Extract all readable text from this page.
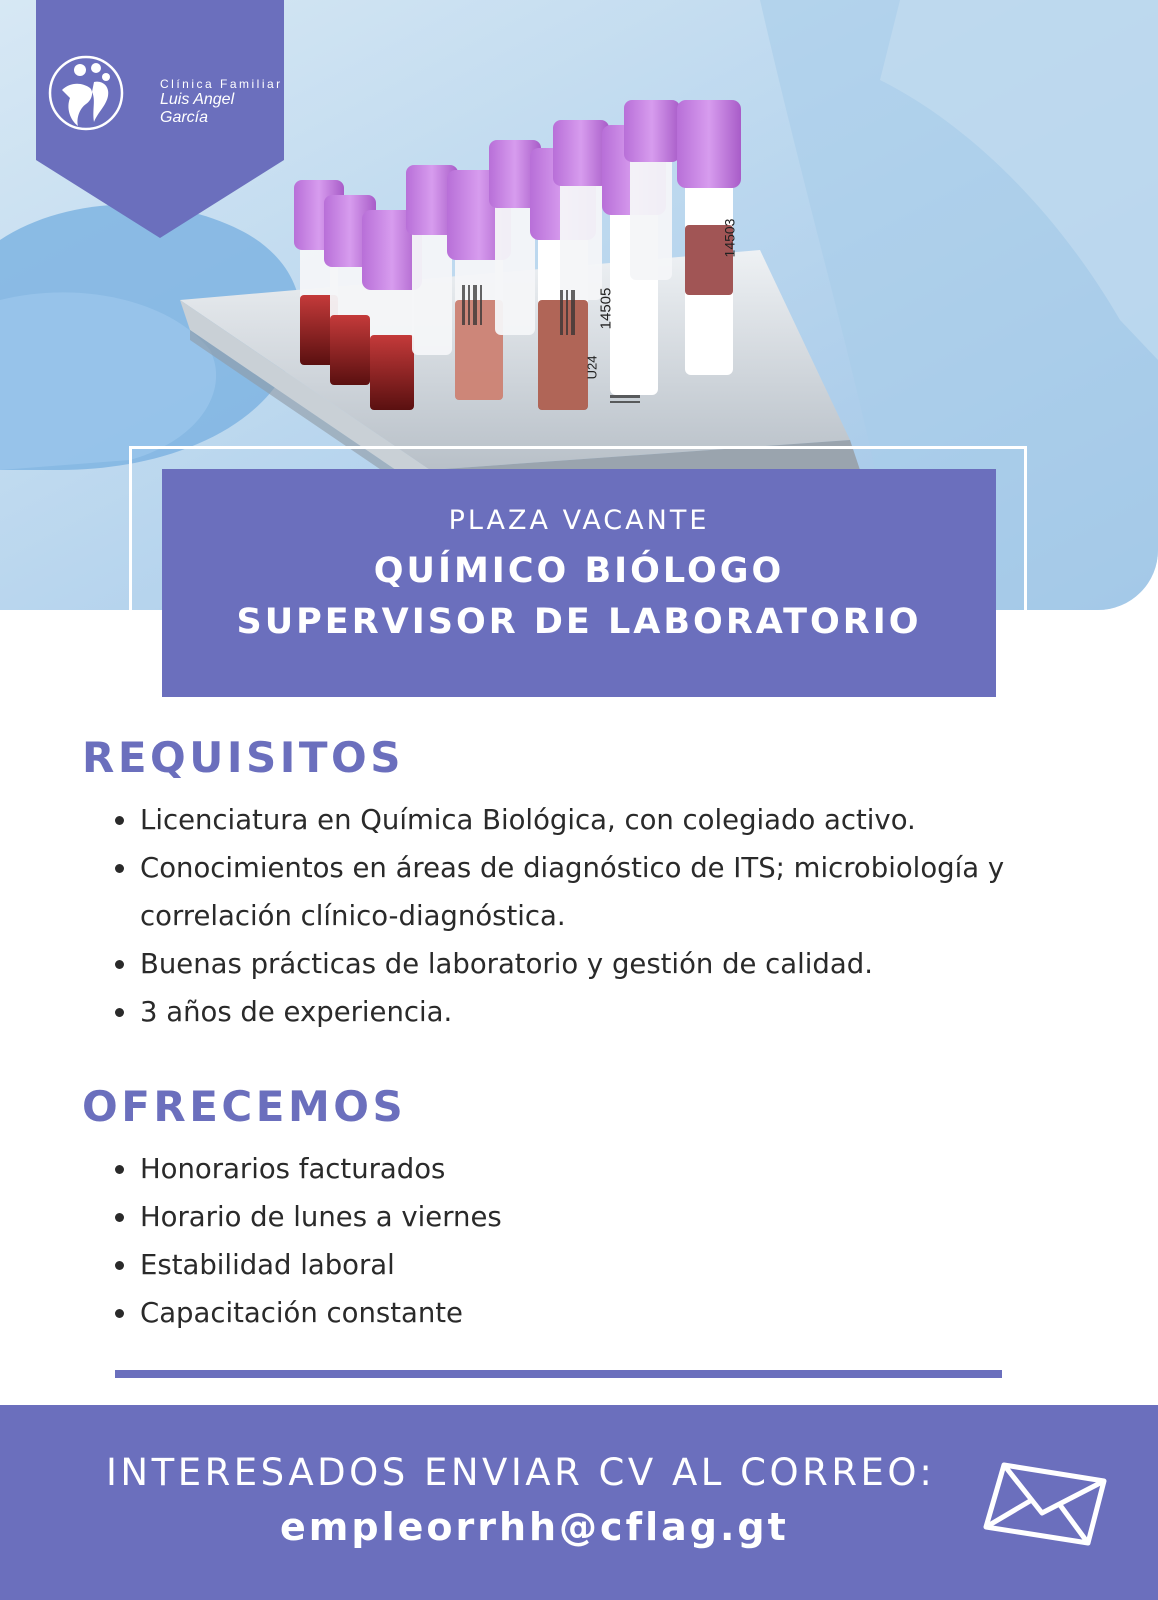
14505
14503
U24
Clínica Familiar
Luis Angel García
PLAZA VACANTE
QUÍMICO BIÓLOGO
SUPERVISOR DE LABORATORIO
REQUISITOS
Licenciatura en Química Biológica, con colegiado activo.
Conocimientos en áreas de diagnóstico de ITS; microbiología y correlación clínico-diagnóstica.
Buenas prácticas de laboratorio y gestión de calidad.
3 años de experiencia.
OFRECEMOS
Honorarios facturados
Horario de lunes a viernes
Estabilidad laboral
Capacitación constante
INTERESADOS ENVIAR CV AL CORREO:
empleorrhh@cflag.gt
